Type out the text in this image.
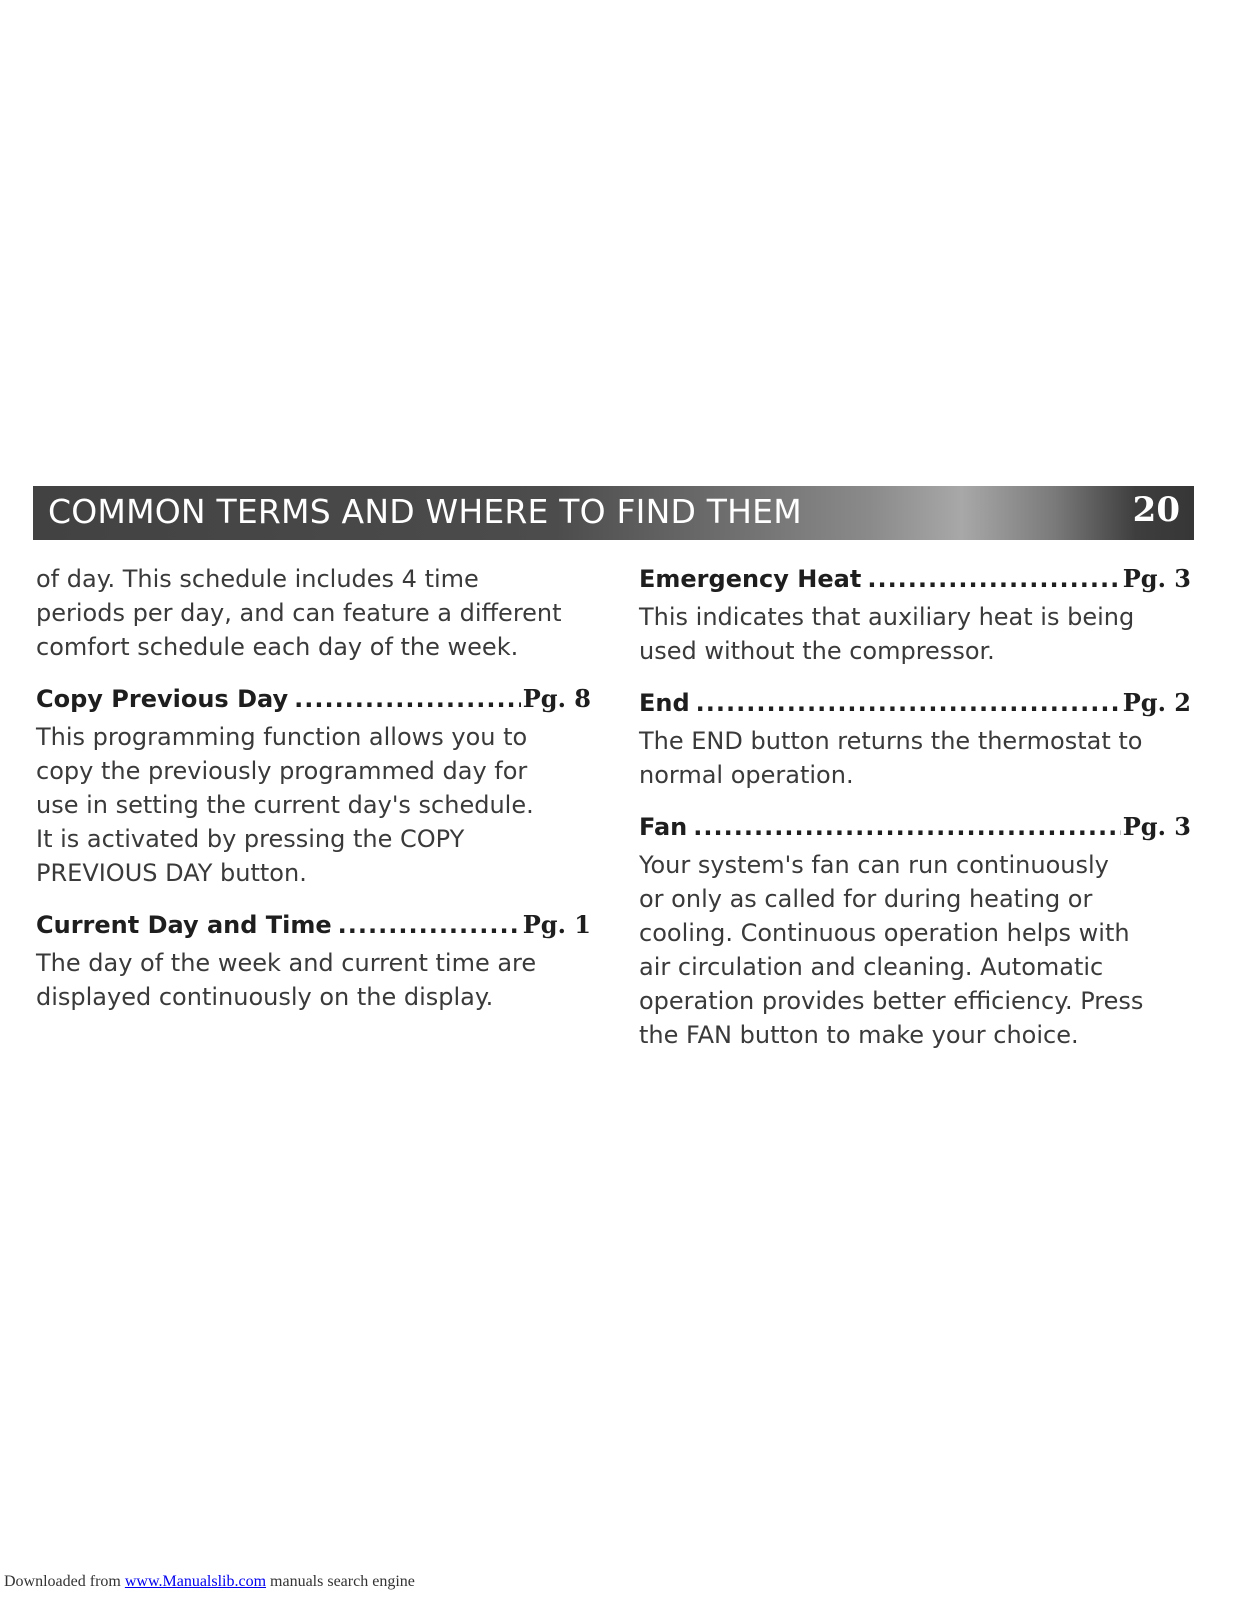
COMMON TERMS AND WHERE TO FIND THEM	20

of day. This schedule includes 4 time
periods per day, and can feature a different
comfort schedule each day of the week.

Copy Previous Day .....	Pg. 8

This programming function allows you to
copy the previously programmed day for
use in setting the current day's schedule.
It is activated by pressing the COPY
PREVIOUS DAY button.

Current Day and Time .....	Pg. 1

The day of the week and current time are
displayed continuously on the display.

Emergency Heat .....	Pg. 3

This indicates that auxiliary heat is being
used without the compressor.

End .....	Pg. 2

The END button returns the thermostat to
normal operation.

Fan .....	Pg. 3

Your system's fan can run continuously
or only as called for during heating or
cooling. Continuous operation helps with
air circulation and cleaning. Automatic
operation provides better efficiency. Press
the FAN button to make your choice.

Downloaded from www.Manualslib.com manuals search engine
